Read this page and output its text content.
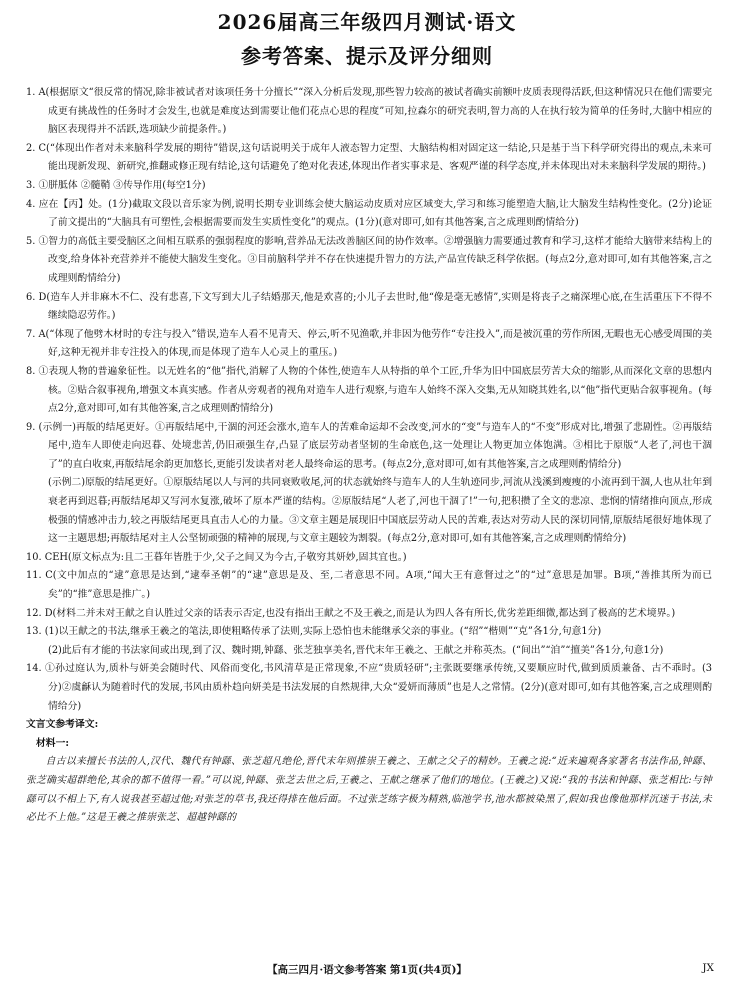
2026届高三年级四月测试·语文
参考答案、提示及评分细则

1. A(根据原文“很反常的情况,除非被试者对该项任务十分擅长”“深入分析后发现,那些智力较高的被试者确实前额叶皮质表现得活跃,但这种情况只在他们需要完成更有挑战性的任务时才会发生,也就是难度达到需要让他们花点心思的程度”可知,拉森尔的研究表明,智力高的人在执行较为简单的任务时,大脑中相应的脑区表现得并不活跃,选项缺少前提条件。)

2. C(“体现出作者对未来脑科学发展的期待”错误,这句话说明关于成年人液态智力定型、大脑结构相对固定这一结论,只是基于当下科学研究得出的观点,未来可能出现新发现、新研究,推翻或修正现有结论,这句话避免了绝对化表述,体现出作者实事求是、客观严谨的科学态度,并未体现出对未来脑科学发展的期待。)

3. ①胼胝体 ②髓鞘 ③传导作用(每空1分)

4. 应在【丙】处。(1分)截取文段以音乐家为例,说明长期专业训练会使大脑运动皮质对应区域变大,学习和练习能塑造大脑,让大脑发生结构性变化。(2分)论证了前文提出的“大脑具有可塑性,会根据需要而发生实质性变化”的观点。(1分)(意对即可,如有其他答案,言之成理则酌情给分)

5. ①智力的高低主要受脑区之间相互联系的强弱程度的影响,营养品无法改善脑区间的协作效率。②增强脑力需要通过教育和学习,这样才能给大脑带来结构上的改变,给身体补充营养并不能使大脑发生变化。③目前脑科学并不存在快速提升智力的方法,产品宣传缺乏科学依据。(每点2分,意对即可,如有其他答案,言之成理则酌情给分)

6. D(造车人并非麻木不仁、没有悲喜,下文写到大儿子结婚那天,他是欢喜的;小儿子去世时,他“像是毫无感情”,实则是将丧子之痛深埋心底,在生活重压下不得不继续隐忍劳作。)

7. A(“体现了他劈木材时的专注与投入”错误,造车人看不见青天、停云,听不见渔歌,并非因为他劳作“专注投入”,而是被沉重的劳作所困,无暇也无心感受周围的美好,这种无视并非专注投入的体现,而是体现了造车人心灵上的重压。)

8. ①表现人物的普遍象征性。以无姓名的“他”指代,消解了人物的个体性,使造车人从特指的单个工匠,升华为旧中国底层劳苦大众的缩影,从而深化文章的思想内核。②贴合叙事视角,增强文本真实感。作者从旁观者的视角对造车人进行观察,与造车人始终不深入交集,无从知晓其姓名,以“他”指代更贴合叙事视角。(每点2分,意对即可,如有其他答案,言之成理则酌情给分)

9. (示例一)再版的结尾更好。①再版结尾中,干涸的河还会涨水,造车人的苦难命运却不会改变,河水的“变”与造车人的“不变”形成对比,增强了悲剧性。②再版结尾中,造车人即使走向迟暮、处境悲苦,仍旧顽强生存,凸显了底层劳动者坚韧的生命底色,这一处理让人物更加立体饱满。③相比于原版“人老了,河也干涸了”的直白收束,再版结尾余韵更加悠长,更能引发读者对老人最终命运的思考。(每点2分,意对即可,如有其他答案,言之成理则酌情给分)

(示例二)原版的结尾更好。①原版结尾以人与河的共同衰败收尾,河的状态就始终与造车人的人生轨迹同步,河流从浅溪到瘦瘦的小流再到干涸,人也从壮年到衰老再到迟暮;再版结尾却又写河水复涨,破坏了原本严谨的结构。②原版结尾“人老了,河也干涸了!”一句,把积攒了全文的悲凉、悲悯的情绪推向顶点,形成极强的情感冲击力,较之再版结尾更具直击人心的力量。③文章主题是展现旧中国底层劳动人民的苦难,表达对劳动人民的深切同情,原版结尾很好地体现了这一主题思想;再版结尾对主人公坚韧顽强的精神的展现,与文章主题较为割裂。(每点2分,意对即可,如有其他答案,言之成理则酌情给分)

10. CEH(原文标点为:且二王暮年皆胜于少,父子之间又为今古,子敬穷其妍妙,固其宜也。)

11. C(文中加点的“逮”意思是达到,“逮奉圣朝”的“逮”意思是及、至,二者意思不同。A项,“闻大王有意督过之”的“过”意思是加罪。B项,“善推其所为而已矣”的“推”意思是推广。)

12. D(材料二并未对王献之自认胜过父亲的话表示否定,也没有指出王献之不及王羲之,而是认为四人各有所长,优劣差距细微,都达到了极高的艺术境界。)

13. (1)以王献之的书法,继承王羲之的笔法,即使粗略传承了法则,实际上恐怕也未能继承父亲的事业。(“绍”“楷则”“克”各1分,句意1分)

(2)此后有才能的书法家间或出现,到了汉、魏时期,钟繇、张芝独享美名,晋代末年王羲之、王献之并称英杰。(“间出”“洎”“擅美”各1分,句意1分)

14. ①孙过庭认为,质朴与妍美会随时代、风俗而变化,书风清草是正常现象,不应“贵质轻研”;主张既要继承传统,又要顺应时代,做到质质兼备、古不乖时。(3分)②虞龢认为随着时代的发展,书风由质朴趋向妍美是书法发展的自然规律,大众“爱妍而薄质”也是人之常情。(2分)(意对即可,如有其他答案,言之成理则酌情给分)

文言文参考译文:

材料一:

自古以来擅长书法的人,汉代、魏代有钟繇、张芝超凡绝伦,晋代末年则推崇王羲之、王献之父子的精妙。王羲之说:“近来遍观各家著名书法作品,钟繇、张芝确实超群绝伦,其余的都不值得一看。”可以说,钟繇、张芝去世之后,王羲之、王献之继承了他们的地位。(王羲之)又说:“我的书法和钟繇、张芝相比:与钟繇可以不相上下,有人说我甚至超过他;对张芝的草书,我还得排在他后面。不过张芝练字极为精熟,临池学书,池水都被染黑了,假如我也像他那样沉迷于书法,未必比不上他。”这是王羲之推崇张芝、超越钟繇的

【高三四月·语文参考答案 第1页(共4页)】	JX
